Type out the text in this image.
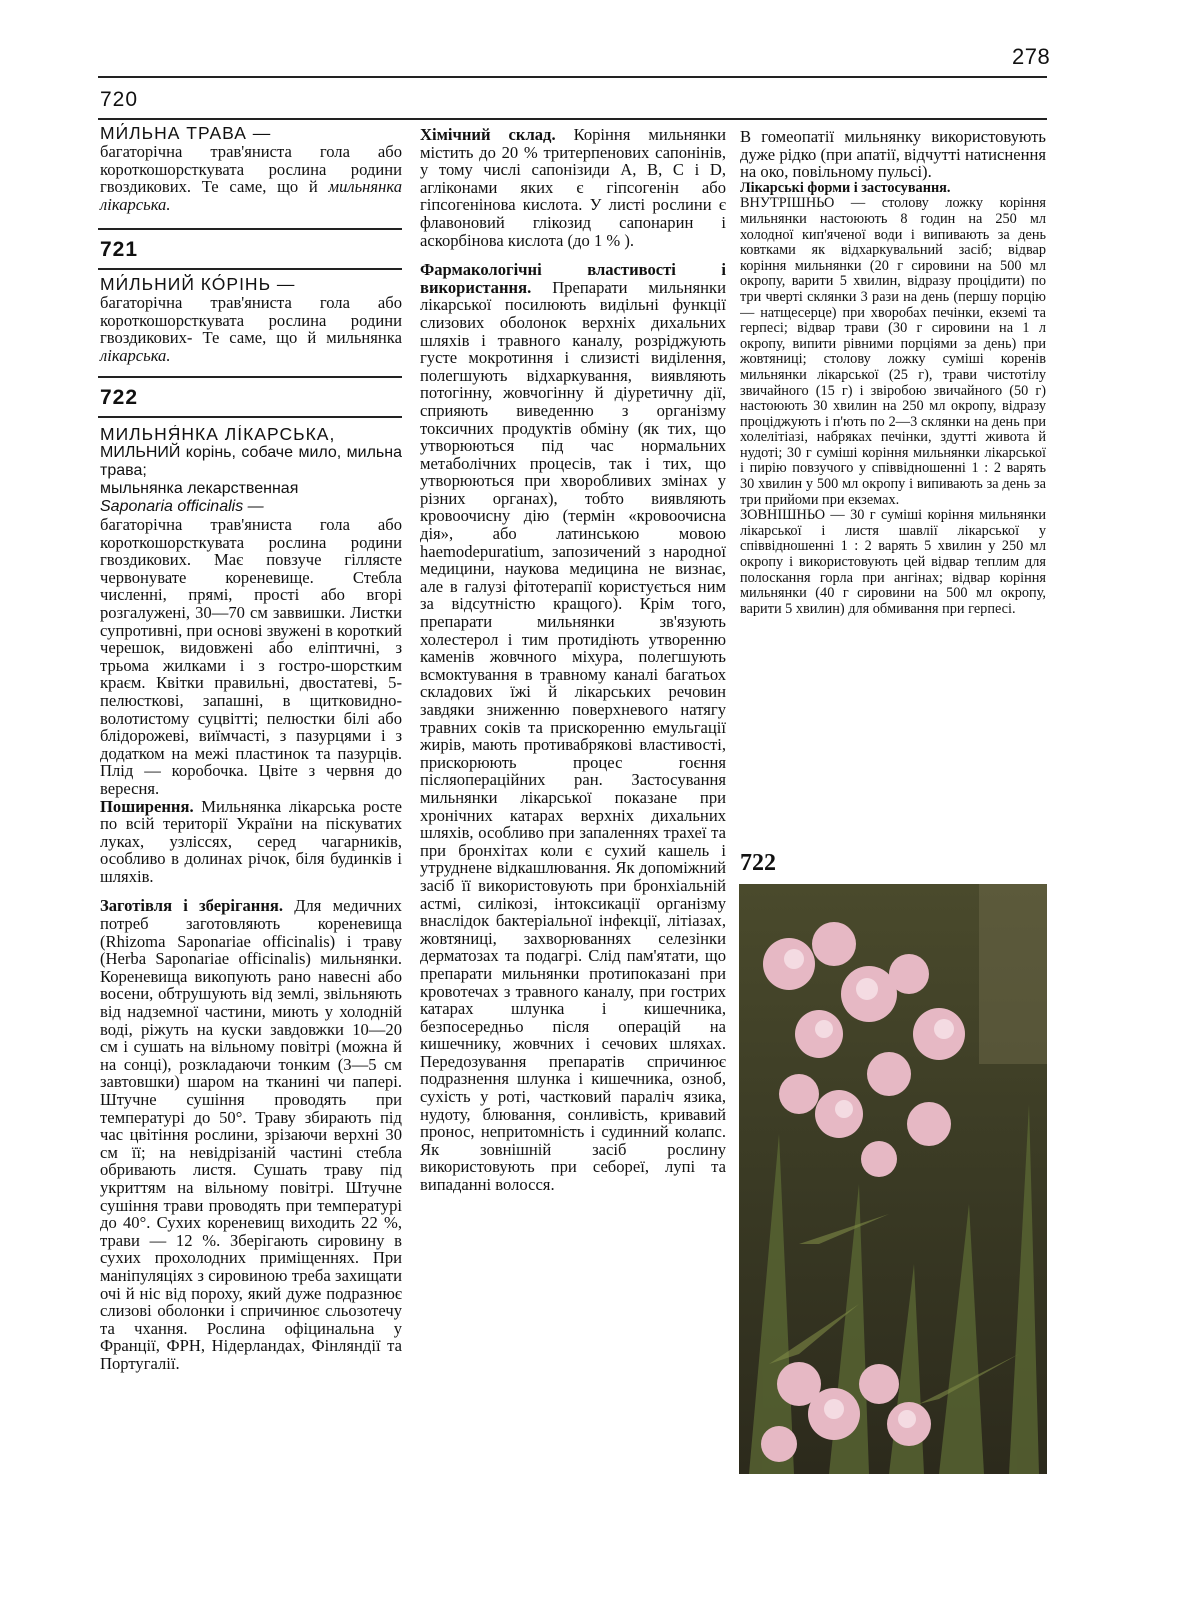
278
720
МИ́ЛЬНА ТРАВА —

багаторічна трав'яниста гола або короткошорсткувата рослина родини гвоздикових. Те саме, що й мильнянка лікарська.

721
МИ́ЛЬНИЙ КО́РІНЬ —

багаторічна трав'яниста гола або короткошорсткувата рослина родини гвоздикових- Те саме, що й мильнянка лікарська.

722
МИЛЬНЯ́НКА ЛІ́КАРСЬКА,
МИЛЬНИЙ корінь, собаче мило, мильна трава;
мыльнянка лекарственная
Saponaria officinalis —

багаторічна трав'яниста гола або короткошорсткувата рослина родини гвоздикових. Має повзуче гіллясте червонувате кореневище. Стебла численні, прямі, прості або вгорі розгалужені, 30—70 см заввишки. Листки супротивні, при основі звужені в короткий черешок, видовжені або еліптичні, з трьома жилками і з гостро-шорстким краєм. Квітки правильні, двостатеві, 5-пелюсткові, запашні, в щитковидно-волотистому суцвітті; пелюстки білі або блідорожеві, виїмчасті, з пазурцями і з додатком на межі пластинок та пазурців. Плід — коробочка. Цвіте з червня до вересня.

Поширення. Мильнянка лікарська росте по всій території України на піскуватих луках, узліссях, серед чагарників, особливо в долинах річок, біля будинків і шляхів.

Заготівля і зберігання. Для медичних потреб заготовляють кореневища (Rhizoma Saponariae officinalis) і траву (Herba Saponariae officinalis) мильнянки. Кореневища викопують рано навесні або восени, обтрушують від землі, звільняють від надземної частини, миють у холодній воді, ріжуть на куски завдовжки 10—20 см і сушать на вільному повітрі (можна й на сонці), розкладаючи тонким (3—5 см завтовшки) шаром на тканині чи папері. Штучне сушіння проводять при температурі до 50°. Траву збирають під час цвітіння рослини, зрізаючи верхні 30 см її; на невідрізаній частині стебла обривають листя. Сушать траву під укриттям на вільному повітрі. Штучне сушіння трави проводять при температурі до 40°. Сухих кореневищ виходить 22 %, трави — 12 %. Зберігають сировину в сухих прохолодних приміщеннях. При маніпуляціях з сировиною треба захищати очі й ніс від пороху, який дуже подразнює слизові оболонки і спричинює сльозотечу та чхання. Рослина офіцинальна у Франції, ФРН, Нідерландах, Фінляндії та Португалії.

Хімічний склад. Коріння мильнянки містить до 20 % тритерпенових сапонінів, у тому числі сапонізиди А, В, С і D, агліконами яких є гіпсогенін або гіпсогенінова кислота. У листі рослини є флавоновий глікозид сапонарин і аскорбінова кислота (до 1 % ).

Фармакологічні властивості і використання. Препарати мильнянки лікарської посилюють видільні функції слизових оболонок верхніх дихальних шляхів і травного каналу, розріджують густе мокротиння і слизисті виділення, полегшують відхаркування, виявляють потогінну, жовчогінну й діуретичну дії, сприяють виведенню з організму токсичних продуктів обміну (як тих, що утворюються під час нормальних метаболічних процесів, так і тих, що утворюються при хворобливих змінах у різних органах), тобто виявляють кровоочисну дію (термін «кровоочисна дія», або латинською мовою haemodepuratium, запозичений з народної медицини, наукова медицина не визнає, але в галузі фітотерапії користується ним за відсутністю кращого). Крім того, препарати мильнянки зв'язують холестерол і тим протидіють утворенню каменів жовчного міхура, полегшують всмоктування в травному каналі багатьох складових їжі й лікарських речовин завдяки зниженню поверхневого натягу травних соків та прискоренню емульгації жирів, мають противабрякові властивості, прискорюють процес гоєння післяопераційних ран. Застосування мильнянки лікарської показане при хронічних катарах верхніх дихальних шляхів, особливо при запаленнях трахеї та при бронхітах коли є сухий кашель і утруднене відкашлювання. Як допоміжний засіб її використовують при бронхіальній астмі, силікозі, інтоксикації організму внаслідок бактеріальної інфекції, літіазах, жовтяниці, захворюваннях селезінки дерматозах та подагрі. Слід пам'ятати, що препарати мильнянки протипоказані при кровотечах з травного каналу, при гострих катарах шлунка і кишечника, безпосередньо після операцій на кишечнику, жовчних і сечових шляхах. Передозування препаратів спричинює подразнення шлунка і кишечника, озноб, сухість у роті, частковий параліч язика, нудоту, блювання, сонливість, кривавий пронос, непритомність і судинний колапс. Як зовнішній засіб рослину використовують при себореї, лупі та випаданні волосся.

В гомеопатії мильнянку використовують дуже рідко (при апатії, відчутті натиснення на око, повільному пульсі).

Лікарські форми і застосування.

ВНУТРІШНЬО — столову ложку коріння мильнянки настоюють 8 годин на 250 мл холодної кип'яченої води і випивають за день ковтками як відхаркувальний засіб; відвар коріння мильнянки (20 г сировини на 500 мл окропу, варити 5 хвилин, відразу процідити) по три чверті склянки 3 рази на день (першу порцію — натщесерце) при хворобах печінки, екземі та герпесі; відвар трави (30 г сировини на 1 л окропу, випити рівними порціями за день) при жовтяниці; столову ложку суміші коренів мильнянки лікарської (25 г), трави чистотілу звичайного (15 г) і звіробою звичайного (50 г) настоюють 30 хвилин на 250 мл окропу, відразу проціджують і п'ють по 2—3 склянки на день при холелітіазі, набряках печінки, здутті живота й нудоті; 30 г суміші коріння мильнянки лікарської і пирію повзучого у співвідношенні 1 : 2 варять 30 хвилин у 500 мл окропу і випивають за день за три прийоми при екземах.

ЗОВНІШНЬО — 30 г суміші коріння мильнянки лікарської і листя шавлії лікарської у співвідношенні 1 : 2 варять 5 хвилин у 250 мл окропу і використовують цей відвар теплим для полоскання горла при ангінах; відвар коріння мильнянки (40 г сировини на 500 мл окропу, варити 5 хвилин) для обмивання при герпесі.

722
